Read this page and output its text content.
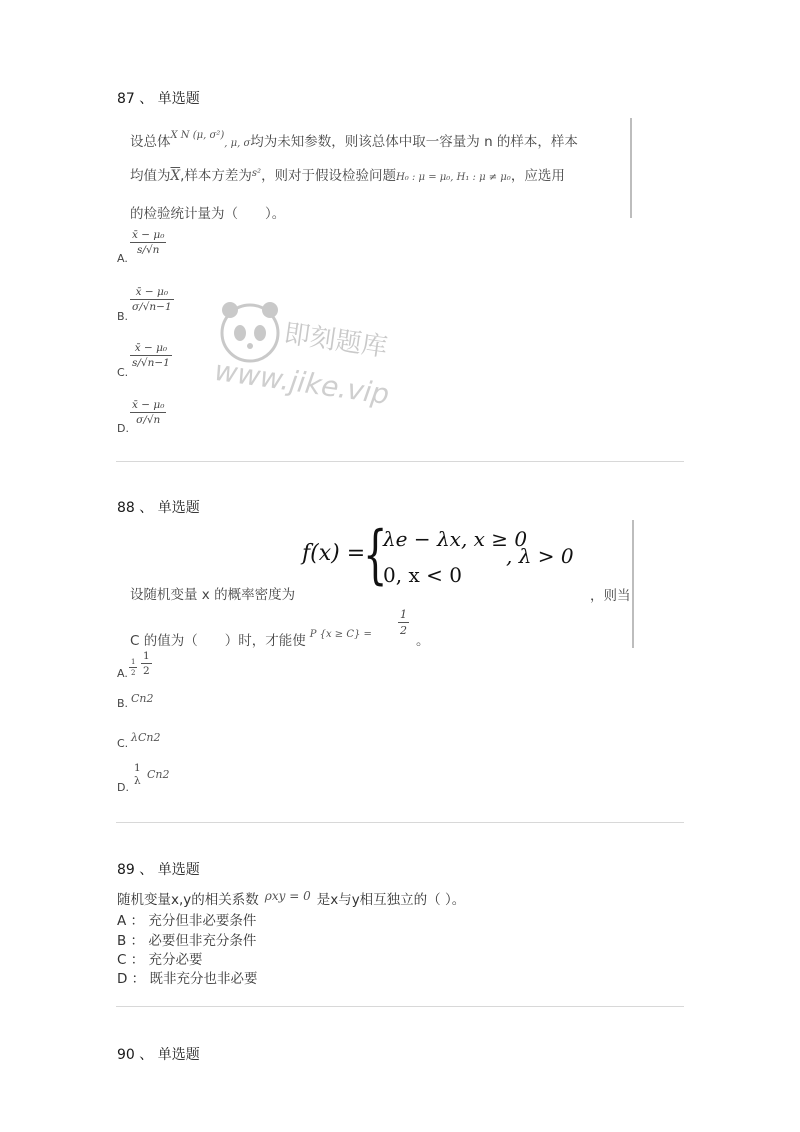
即刻题库
www.jike.vip
87 、 单选题
设总体$^{X N (\mu, \sigma^2)}$, μ, σ均为未知参数，则该总体中取一容量为 n 的样本，样本
均值为$\overline{X}$,样本方差为$^{s^2}$，则对于假设检验问题H₀ : μ = μ₀, H₁ : μ ≠ μ₀，应选用
的检验统计量为（　　）。
A.
x̄ − μ₀
s/√n
B.
x̄ − μ₀
σ/√n−1
C.
x̄ − μ₀
s/√n−1
D.
x̄ − μ₀
σ/√n
88 、 单选题
f(x) =
{
λe − λx, x ≥ 0
0, x < 0
, λ > 0
设随机变量 x 的概率密度为	，则当
C 的值为（　　）时，才能使 $^{P \{x \ge C\} =}$
1
2
。
A.
1
2
1
2
B. Cn2
C. λCn2
D.
1
λ Cn2
89 、 单选题
随机变量x,y的相关系数 ρxy = 0 是x与y相互独立的（ ）。
A ： 充分但非必要条件
B ： 必要但非充分条件
C ： 充分必要
D ： 既非充分也非必要
90 、 单选题
